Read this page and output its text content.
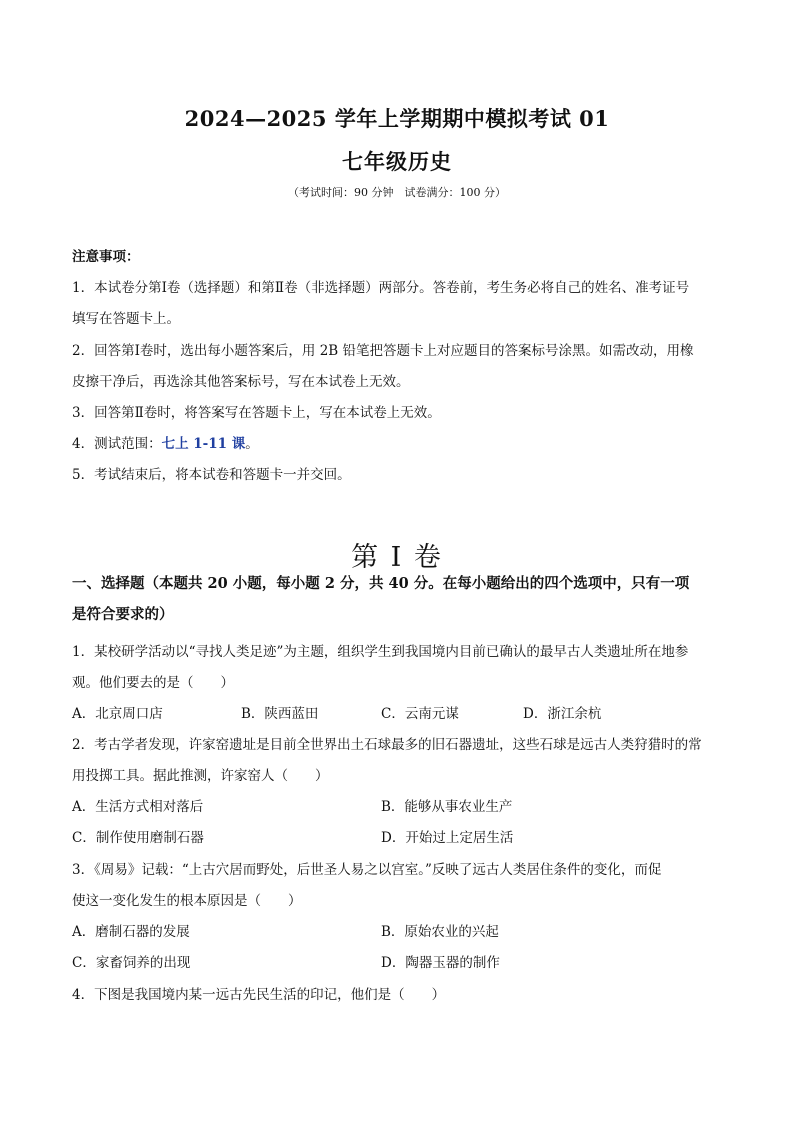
2024—2025 学年上学期期中模拟考试 01
七年级历史
（考试时间：90 分钟　试卷满分：100 分）
注意事项：
1．本试卷分第Ⅰ卷（选择题）和第Ⅱ卷（非选择题）两部分。答卷前，考生务必将自己的姓名、准考证号
填写在答题卡上。
2．回答第Ⅰ卷时，选出每小题答案后，用 2B 铅笔把答题卡上对应题目的答案标号涂黑。如需改动，用橡
皮擦干净后，再选涂其他答案标号，写在本试卷上无效。
3．回答第Ⅱ卷时，将答案写在答题卡上，写在本试卷上无效。
4．测试范围：七上 1-11 课。
5．考试结束后，将本试卷和答题卡一并交回。
第 I 卷
一、选择题（本题共 20 小题，每小题 2 分，共 40 分。在每小题给出的四个选项中，只有一项
是符合要求的）
1．某校研学活动以“寻找人类足迹”为主题，组织学生到我国境内目前已确认的最早古人类遗址所在地参
观。他们要去的是（　　）
A．北京周口店	B．陕西蓝田	C．云南元谋	D．浙江余杭
2．考古学者发现，许家窑遗址是目前全世界出土石球最多的旧石器遗址，这些石球是远古人类狩猎时的常
用投掷工具。据此推测，许家窑人（　　）
A．生活方式相对落后	B．能够从事农业生产
C．制作使用磨制石器	D．开始过上定居生活
3．《周易》记载：“上古穴居而野处，后世圣人易之以宫室。”反映了远古人类居住条件的变化，而促
使这一变化发生的根本原因是（　　）
A．磨制石器的发展	B．原始农业的兴起
C．家畜饲养的出现	D．陶器玉器的制作
4．下图是我国境内某一远古先民生活的印记，他们是（　　）
